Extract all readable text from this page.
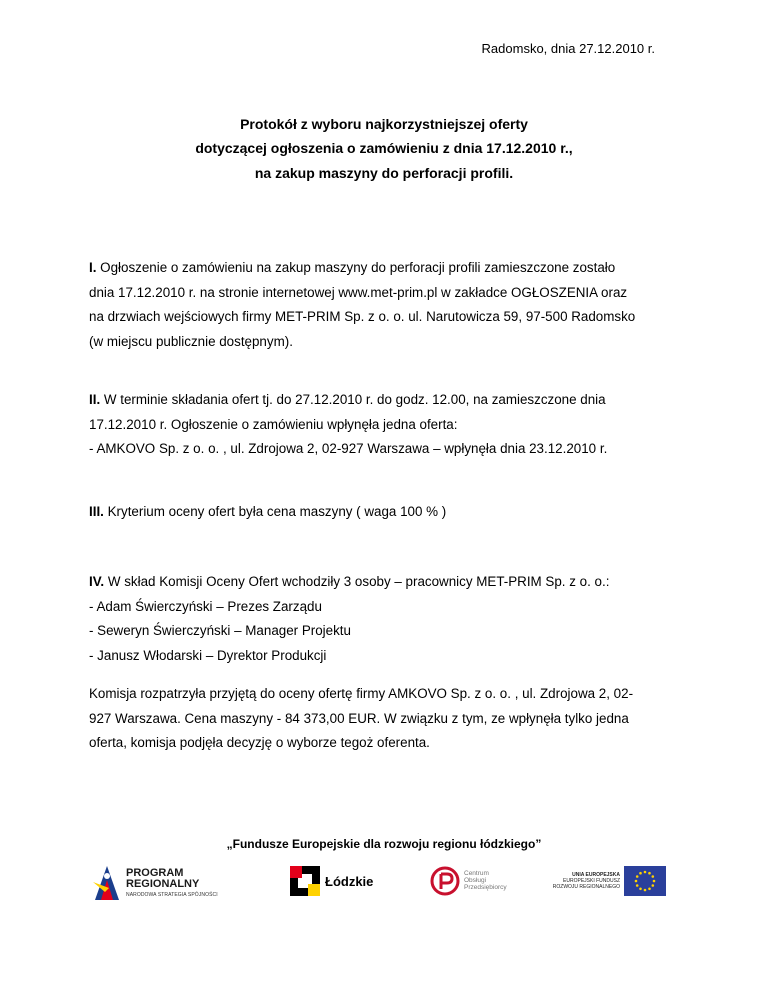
Radomsko, dnia 27.12.2010 r.
Protokół z wyboru najkorzystniejszej oferty
dotyczącej ogłoszenia o zamówieniu z dnia 17.12.2010 r.,
na zakup maszyny do perforacji profili.
I. Ogłoszenie o zamówieniu na zakup maszyny do perforacji profili zamieszczone zostało
dnia 17.12.2010 r. na stronie internetowej www.met-prim.pl w zakładce OGŁOSZENIA oraz
na drzwiach wejściowych firmy MET-PRIM Sp. z o. o. ul. Narutowicza 59, 97-500 Radomsko
(w miejscu publicznie dostępnym).
II. W terminie składania ofert tj. do 27.12.2010 r. do godz. 12.00, na zamieszczone dnia
17.12.2010 r. Ogłoszenie o zamówieniu wpłynęła jedna oferta:
- AMKOVO Sp. z o. o. , ul. Zdrojowa 2, 02-927 Warszawa – wpłynęła dnia 23.12.2010 r.
III. Kryterium oceny ofert była cena maszyny ( waga 100 % )
IV. W skład Komisji Oceny Ofert wchodziły 3 osoby – pracownicy MET-PRIM Sp. z o. o.:
- Adam Świerczyński – Prezes Zarządu
- Seweryn Świerczyński – Manager Projektu
- Janusz Włodarski – Dyrektor Produkcji
Komisja rozpatrzyła przyjętą do oceny ofertę firmy AMKOVO Sp. z o. o. , ul. Zdrojowa 2, 02-
927 Warszawa. Cena maszyny - 84 373,00 EUR. W związku z tym, ze wpłynęła tylko jedna
oferta, komisja podjęła decyzję o wyborze tegoż oferenta.
„Fundusze Europejskie dla rozwoju regionu łódzkiego”
PROGRAM
REGIONALNY
NARODOWA STRATEGIA SPÓJNOŚCI
Łódzkie
Centrum
Obsługi
Przedsiębiorcy
UNIA EUROPEJSKA
EUROPEJSKI FUNDUSZ
ROZWOJU REGIONALNEGO
